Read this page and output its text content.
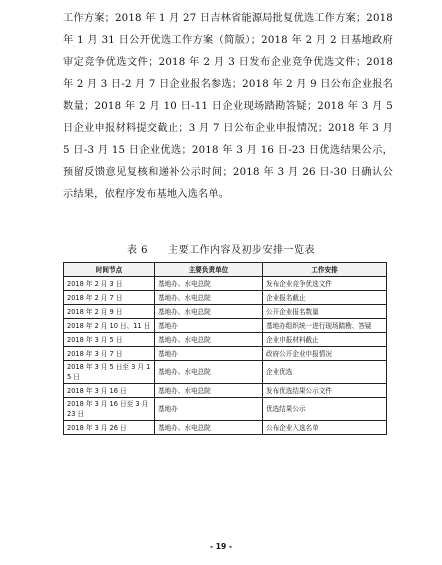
工作方案；2018 年 1 月 27 日吉林省能源局批复优选工作方案；2018 年 1 月 31 日公开优选工作方案（简版）；2018 年 2 月 2 日基地政府审定竞争优选文件；2018 年 2 月 3 日发布企业竞争优选文件；2018 年 2 月 3 日-2 月 7 日企业报名参选；2018 年 2 月 9 日公布企业报名数量；2018 年 2 月 10 日-11 日企业现场踏勘答疑；2018 年 3 月 5 日企业申报材料提交截止；3 月 7 日公布企业申报情况；2018 年 3 月 5 日-3 月 15 日企业优选；2018 年 3 月 16 日-23 日优选结果公示，预留反馈意见复核和递补公示时间；2018 年 3 月 26 日-30 日确认公示结果，依程序发布基地入选名单。

表 6 主要工作内容及初步安排一览表
时间节点	主要负责单位	工作安排
2018 年 2 月 3 日	基地办、水电总院	发布企业竞争优选文件
2018 年 2 月 7 日	基地办、水电总院	企业报名截止
2018 年 2 月 9 日	基地办、水电总院	公开企业报名数量
2018 年 2 月 10 日、11 日	基地办	基地办组织统一进行现场踏勘、答疑
2018 年 3 月 5 日	基地办、水电总院	企业申报材料截止
2018 年 3 月 7 日	基地办	政府公开企业申报情况
2018 年 3 月 5 日至 3 月 15 日	基地办、水电总院	企业优选
2018 年 3 月 16 日	基地办、水电总院	发布优选结果公示文件
2018 年 3 月 16 日至 3 月 23 日	基地办	优选结果公示
2018 年 3 月 26 日	基地办、水电总院	公布企业入选名单
- 19 -
